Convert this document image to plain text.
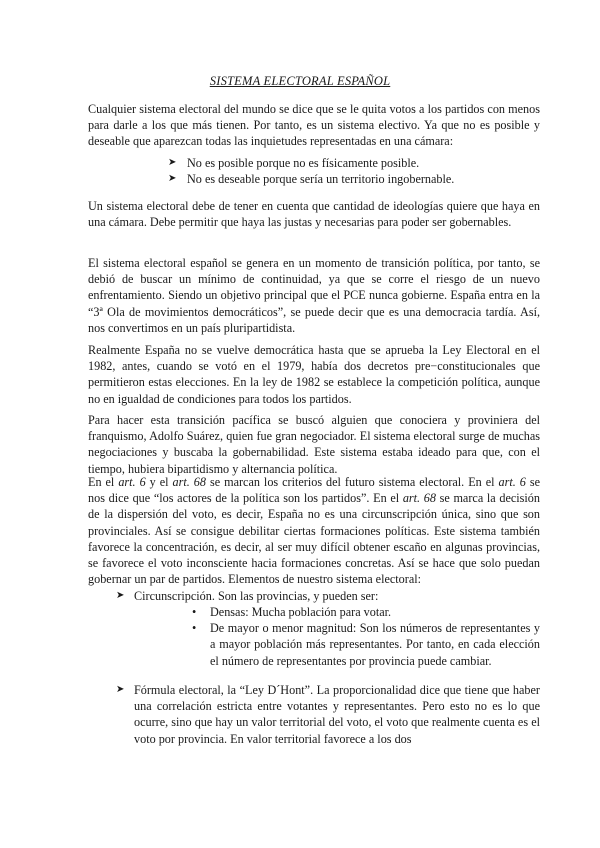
SISTEMA ELECTORAL ESPAÑOL

Cualquier sistema electoral del mundo se dice que se le quita votos a los partidos con menos para darle a los que más tienen. Por tanto, es un sistema electivo. Ya que no es posible y deseable que aparezcan todas las inquietudes representadas en una cámara:

➤ No es posible porque no es físicamente posible.
➤ No es deseable porque sería un territorio ingobernable.

Un sistema electoral debe de tener en cuenta que cantidad de ideologías quiere que haya en una cámara. Debe permitir que haya las justas y necesarias para poder ser gobernables.

El sistema electoral español se genera en un momento de transición política, por tanto, se debió de buscar un mínimo de continuidad, ya que se corre el riesgo de un nuevo enfrentamiento. Siendo un objetivo principal que el PCE nunca gobierne. España entra en la “3ª Ola de movimientos democráticos”, se puede decir que es una democracia tardía. Así, nos convertimos en un país pluripartidista.

Realmente España no se vuelve democrática hasta que se aprueba la Ley Electoral en el 1982, antes, cuando se votó en el 1979, había dos decretos pre−constitucionales que permitieron estas elecciones. En la ley de 1982 se establece la competición política, aunque no en igualdad de condiciones para todos los partidos.

Para hacer esta transición pacífica se buscó alguien que conociera y proviniera del franquismo, Adolfo Suárez, quien fue gran negociador. El sistema electoral surge de muchas negociaciones y buscaba la gobernabilidad. Este sistema estaba ideado para que, con el tiempo, hubiera bipartidismo y alternancia política.

En el art. 6 y el art. 68 se marcan los criterios del futuro sistema electoral. En el art. 6 se nos dice que “los actores de la política son los partidos”. En el art. 68 se marca la decisión de la dispersión del voto, es decir, España no es una circunscripción única, sino que son provinciales. Así se consigue debilitar ciertas formaciones políticas. Este sistema también favorece la concentración, es decir, al ser muy difícil obtener escaño en algunas provincias, se favorece el voto inconsciente hacia formaciones concretas. Así se hace que solo puedan gobernar un par de partidos. Elementos de nuestro sistema electoral:

➤ Circunscripción. Son las provincias, y pueden ser:
• Densas: Mucha población para votar.
• De mayor o menor magnitud: Son los números de representantes y a mayor población más representantes. Por tanto, en cada elección el número de representantes por provincia puede cambiar.
➤ Fórmula electoral, la “Ley D´Hont”. La proporcionalidad dice que tiene que haber una correlación estricta entre votantes y representantes. Pero esto no es lo que ocurre, sino que hay un valor territorial del voto, el voto que realmente cuenta es el voto por provincia. En valor territorial favorece a los dos
